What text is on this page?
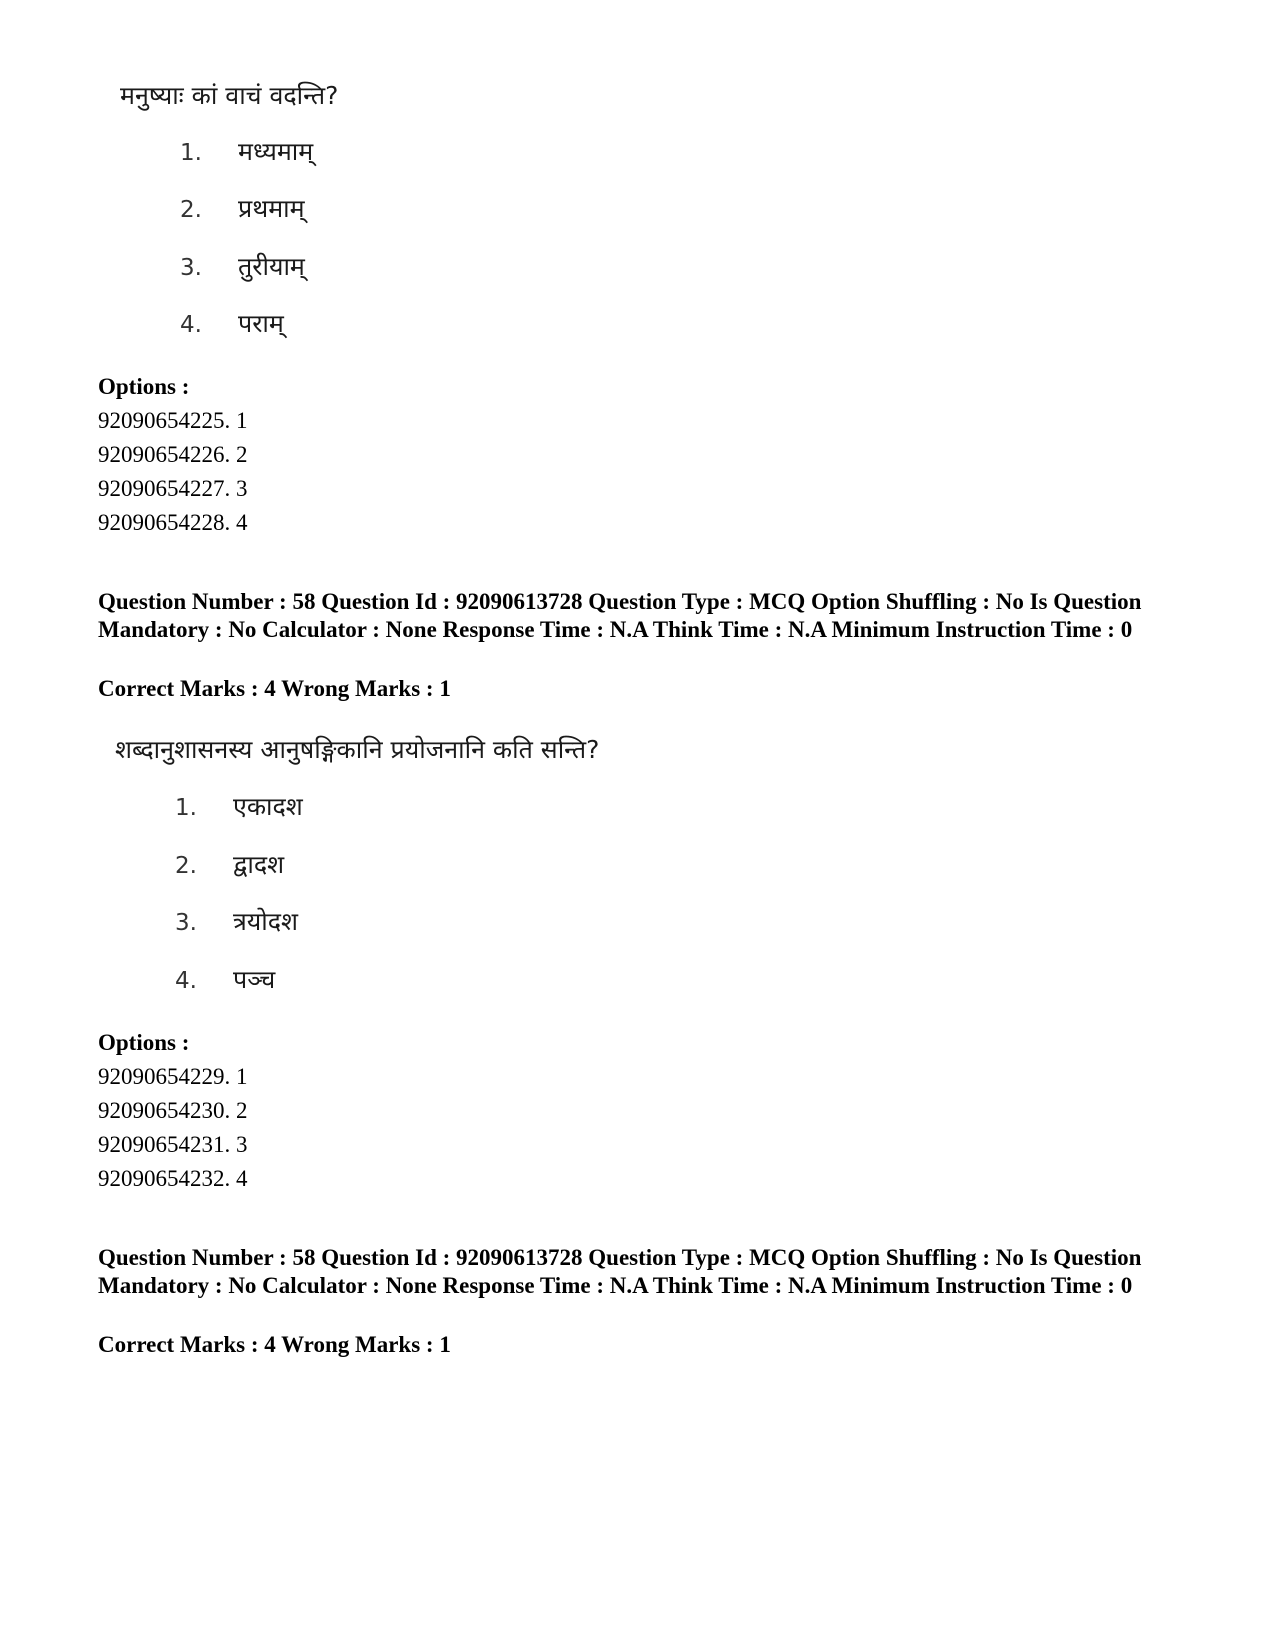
मनुष्याः कां वाचं वदन्ति?
1. मध्यमाम्
2. प्रथमाम्
3. तुरीयाम्
4. पराम्
Options :
92090654225. 1
92090654226. 2
92090654227. 3
92090654228. 4
Question Number : 58 Question Id : 92090613728 Question Type : MCQ Option Shuffling : No Is Question Mandatory : No Calculator : None Response Time : N.A Think Time : N.A Minimum Instruction Time : 0
Correct Marks : 4 Wrong Marks : 1
शब्दानुशासनस्य आनुषङ्गिकानि प्रयोजनानि कति सन्ति?
1. एकादश
2. द्वादश
3. त्रयोदश
4. पञ्च
Options :
92090654229. 1
92090654230. 2
92090654231. 3
92090654232. 4
Question Number : 58 Question Id : 92090613728 Question Type : MCQ Option Shuffling : No Is Question Mandatory : No Calculator : None Response Time : N.A Think Time : N.A Minimum Instruction Time : 0
Correct Marks : 4 Wrong Marks : 1
